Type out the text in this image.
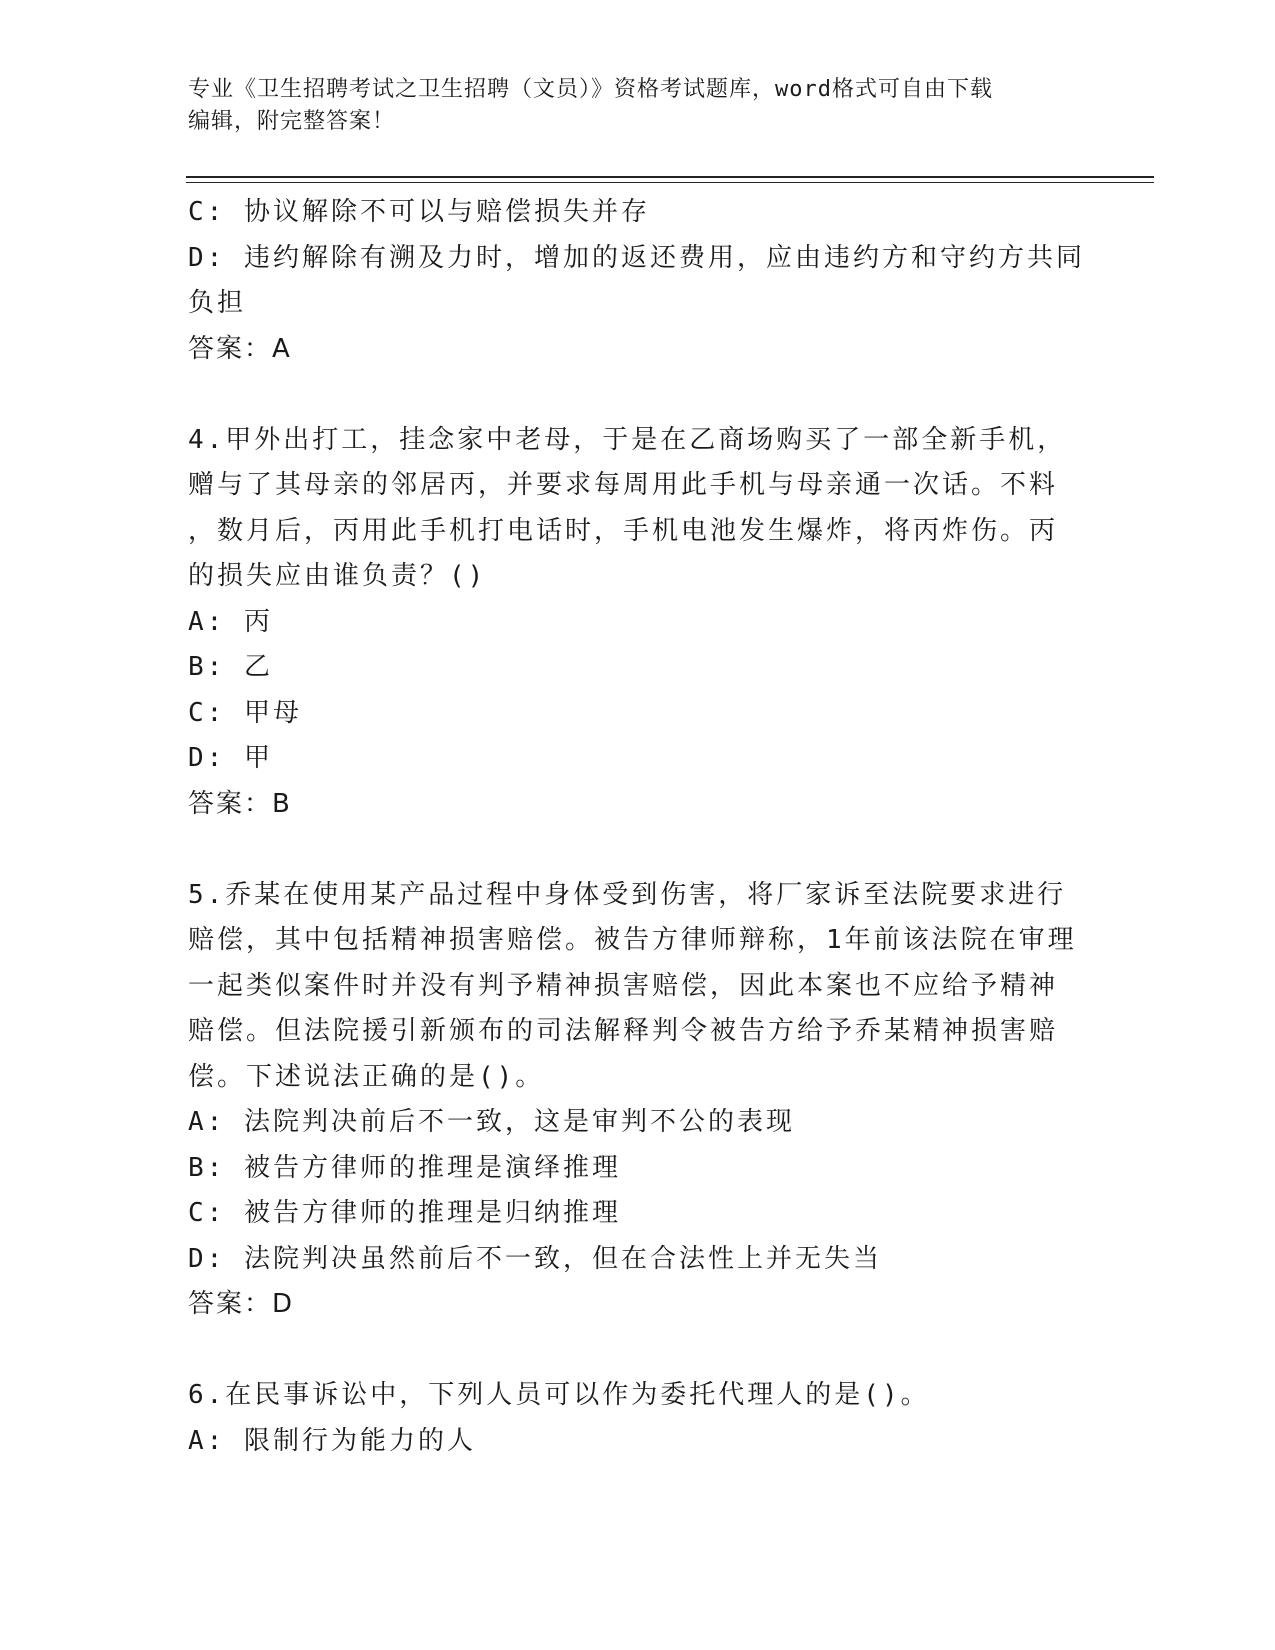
专业《卫生招聘考试之卫生招聘（文员）》资格考试题库，word格式可自由下载
编辑，附完整答案！
C: 协议解除不可以与赔偿损失并存
D: 违约解除有溯及力时，增加的返还费用，应由违约方和守约方共同
负担
答案：A
4.甲外出打工，挂念家中老母，于是在乙商场购买了一部全新手机，
赠与了其母亲的邻居丙，并要求每周用此手机与母亲通一次话。不料
，数月后，丙用此手机打电话时，手机电池发生爆炸，将丙炸伤。丙
的损失应由谁负责？()
A: 丙
B: 乙
C: 甲母
D: 甲
答案：B
5.乔某在使用某产品过程中身体受到伤害，将厂家诉至法院要求进行
赔偿，其中包括精神损害赔偿。被告方律师辩称，1年前该法院在审理
一起类似案件时并没有判予精神损害赔偿，因此本案也不应给予精神
赔偿。但法院援引新颁布的司法解释判令被告方给予乔某精神损害赔
偿。下述说法正确的是()。
A: 法院判决前后不一致，这是审判不公的表现
B: 被告方律师的推理是演绎推理
C: 被告方律师的推理是归纳推理
D: 法院判决虽然前后不一致，但在合法性上并无失当
答案：D
6.在民事诉讼中，下列人员可以作为委托代理人的是()。
A: 限制行为能力的人
